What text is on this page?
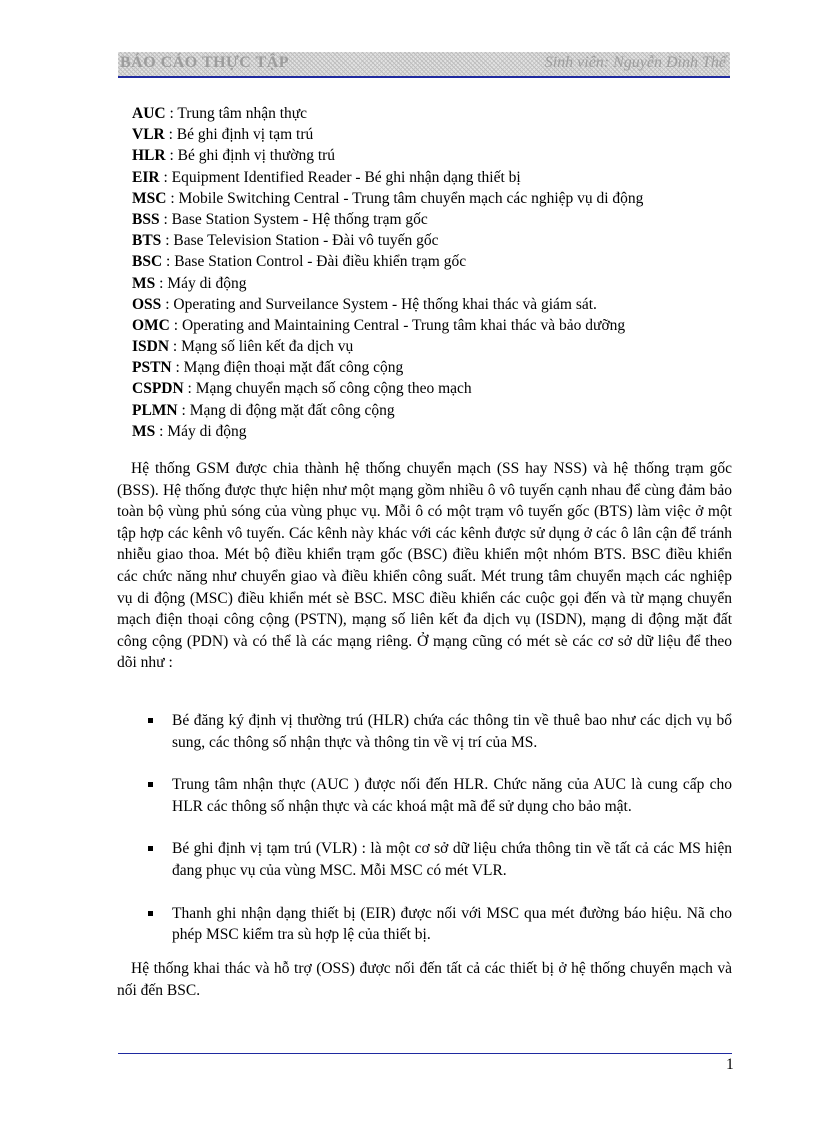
BÁO CÁO THỰC TẬP	Sinh viên: Nguyễn Đình Thế
AUC : Trung tâm nhận thực
VLR : Bé ghi định vị tạm trú
HLR : Bé ghi định vị thường trú
EIR : Equipment Identified Reader - Bé ghi nhận dạng thiết bị
MSC : Mobile Switching Central - Trung tâm chuyển mạch các nghiệp vụ di động
BSS : Base Station System - Hệ thống trạm gốc
BTS : Base Television Station - Đài vô tuyến gốc
BSC : Base Station Control - Đài điều khiển trạm gốc
MS : Máy di động
OSS : Operating and Surveilance System - Hệ thống khai thác và giám sát.
OMC : Operating and Maintaining Central - Trung tâm khai thác và bảo dưỡng
ISDN : Mạng số liên kết đa dịch vụ
PSTN : Mạng điện thoại mặt đất công cộng
CSPDN : Mạng chuyển mạch số công cộng theo mạch
PLMN : Mạng di động mặt đất công cộng
MS : Máy di động

Hệ thống GSM được chia thành hệ thống chuyển mạch (SS hay NSS) và hệ thống trạm gốc (BSS). Hệ thống được thực hiện như một mạng gồm nhiều ô vô tuyến cạnh nhau để cùng đảm bảo toàn bộ vùng phủ sóng của vùng phục vụ. Mỗi ô có một trạm vô tuyến gốc (BTS) làm việc ở một tập hợp các kênh vô tuyến. Các kênh này khác với các kênh được sử dụng ở các ô lân cận để tránh nhiễu giao thoa. Mét bộ điều khiển trạm gốc (BSC) điều khiển một nhóm BTS. BSC điều khiển các chức năng như chuyển giao và điều khiển công suất. Mét trung tâm chuyển mạch các nghiệp vụ di động (MSC) điều khiển mét sè BSC. MSC điều khiển các cuộc gọi đến và từ mạng chuyển mạch điện thoại công cộng (PSTN), mạng số liên kết đa dịch vụ (ISDN), mạng di động mặt đất công cộng (PDN) và có thể là các mạng riêng. Ở mạng cũng có mét sè các cơ sở dữ liệu để theo dõi như :

Bé đăng ký định vị thường trú (HLR) chứa các thông tin về thuê bao như các dịch vụ bổ sung, các thông số nhận thực và thông tin về vị trí của MS.
Trung tâm nhận thực (AUC ) được nối đến HLR. Chức năng của AUC là cung cấp cho HLR các thông số nhận thực và các khoá mật mã để sử dụng cho bảo mật.
Bé ghi định vị tạm trú (VLR) : là một cơ sở dữ liệu chứa thông tin về tất cả các MS hiện đang phục vụ của vùng MSC. Mỗi MSC có mét VLR.
Thanh ghi nhận dạng thiết bị (EIR) được nối với MSC qua mét đường báo hiệu. Nã cho phép MSC kiểm tra sù hợp lệ của thiết bị.

Hệ thống khai thác và hỗ trợ (OSS) được nối đến tất cả các thiết bị ở hệ thống chuyển mạch và nối đến BSC.

1
